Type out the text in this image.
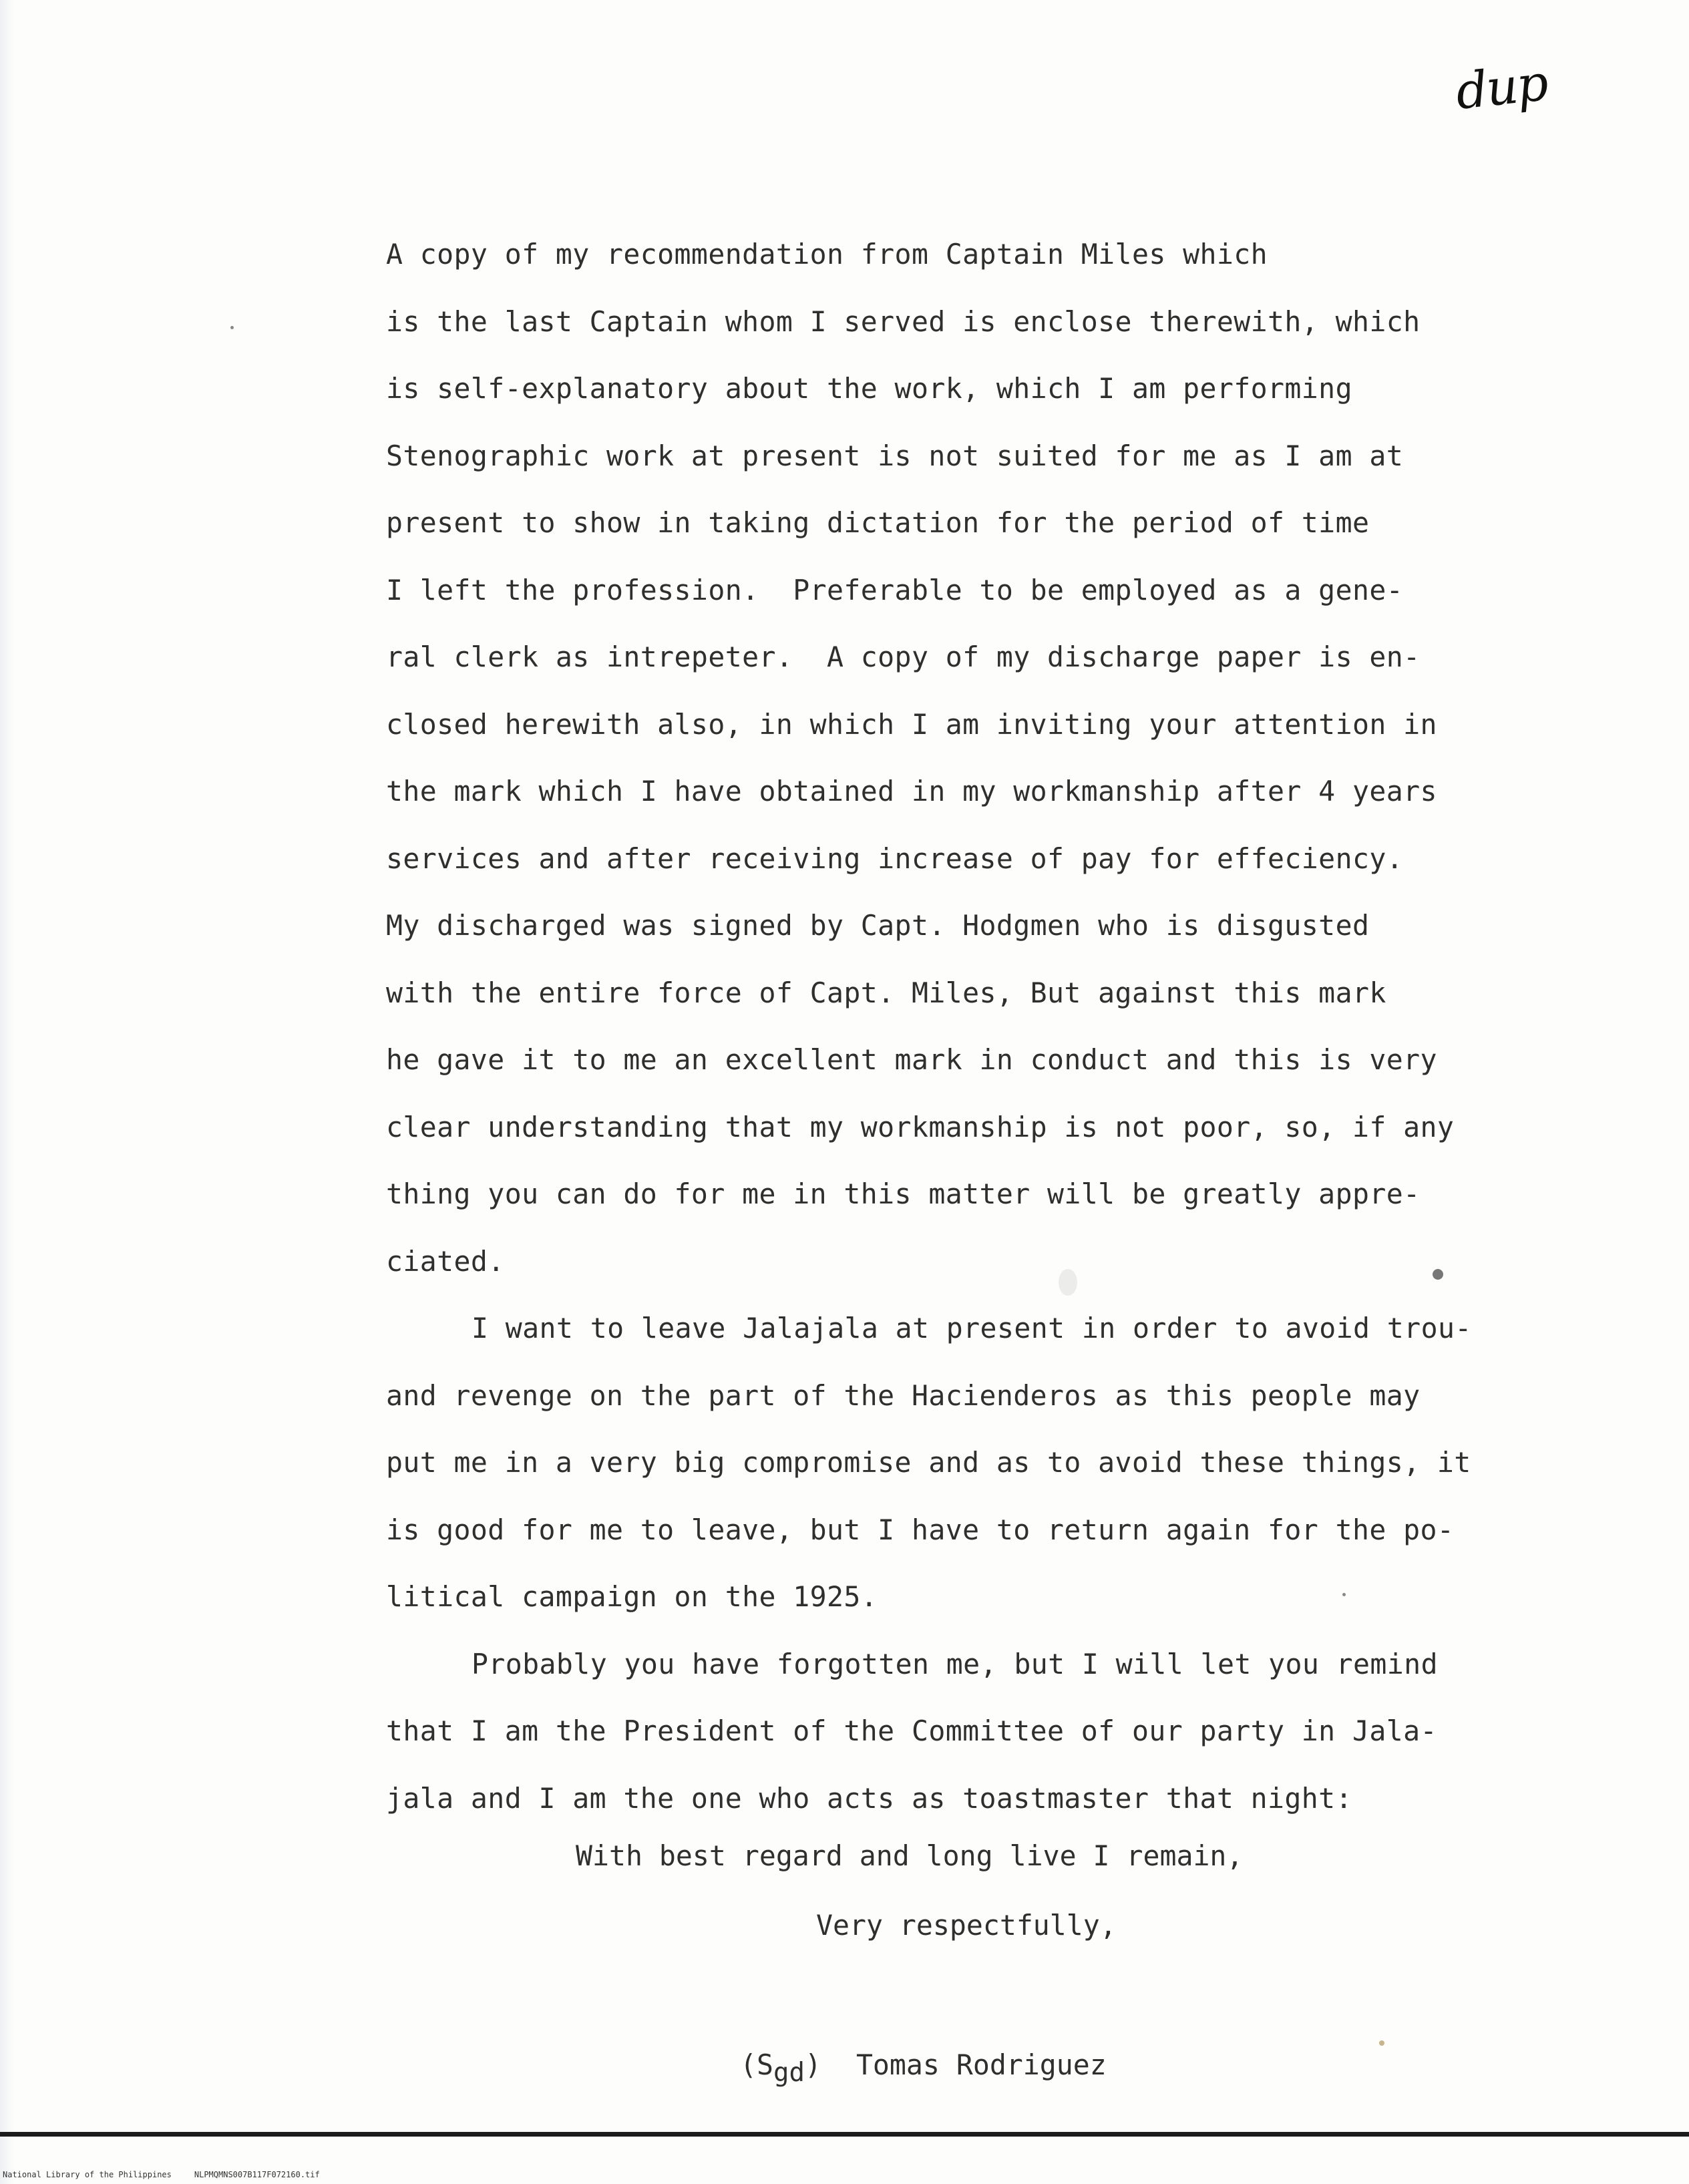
dup
A copy of my recommendation from Captain Miles which
is the last Captain whom I served is enclose therewith, which
is self-explanatory about the work, which I am performing
Stenographic work at present is not suited for me as I am at
present to show in taking dictation for the period of time
I left the profession.  Preferable to be employed as a gene-
ral clerk as intrepeter.  A copy of my discharge paper is en-
closed herewith also, in which I am inviting your attention in
the mark which I have obtained in my workmanship after 4 years
services and after receiving increase of pay for effeciency.
My discharged was signed by Capt. Hodgmen who is disgusted
with the entire force of Capt. Miles, But against this mark
he gave it to me an excellent mark in conduct and this is very
clear understanding that my workmanship is not poor, so, if any
thing you can do for me in this matter will be greatly appre-
ciated.
I want to leave Jalajala at present in order to avoid trou-
and revenge on the part of the Hacienderos as this people may
put me in a very big compromise and as to avoid these things, it
is good for me to leave, but I have to return again for the po-
litical campaign on the 1925.
Probably you have forgotten me, but I will let you remind
that I am the President of the Committee of our party in Jala-
jala and I am the one who acts as toastmaster that night:
With best regard and long live I remain,
Very respectfully,

(Sgd) Tomas Rodriguez

National Library of the Philippines	NLPMQMNS007B117F072160.tif
